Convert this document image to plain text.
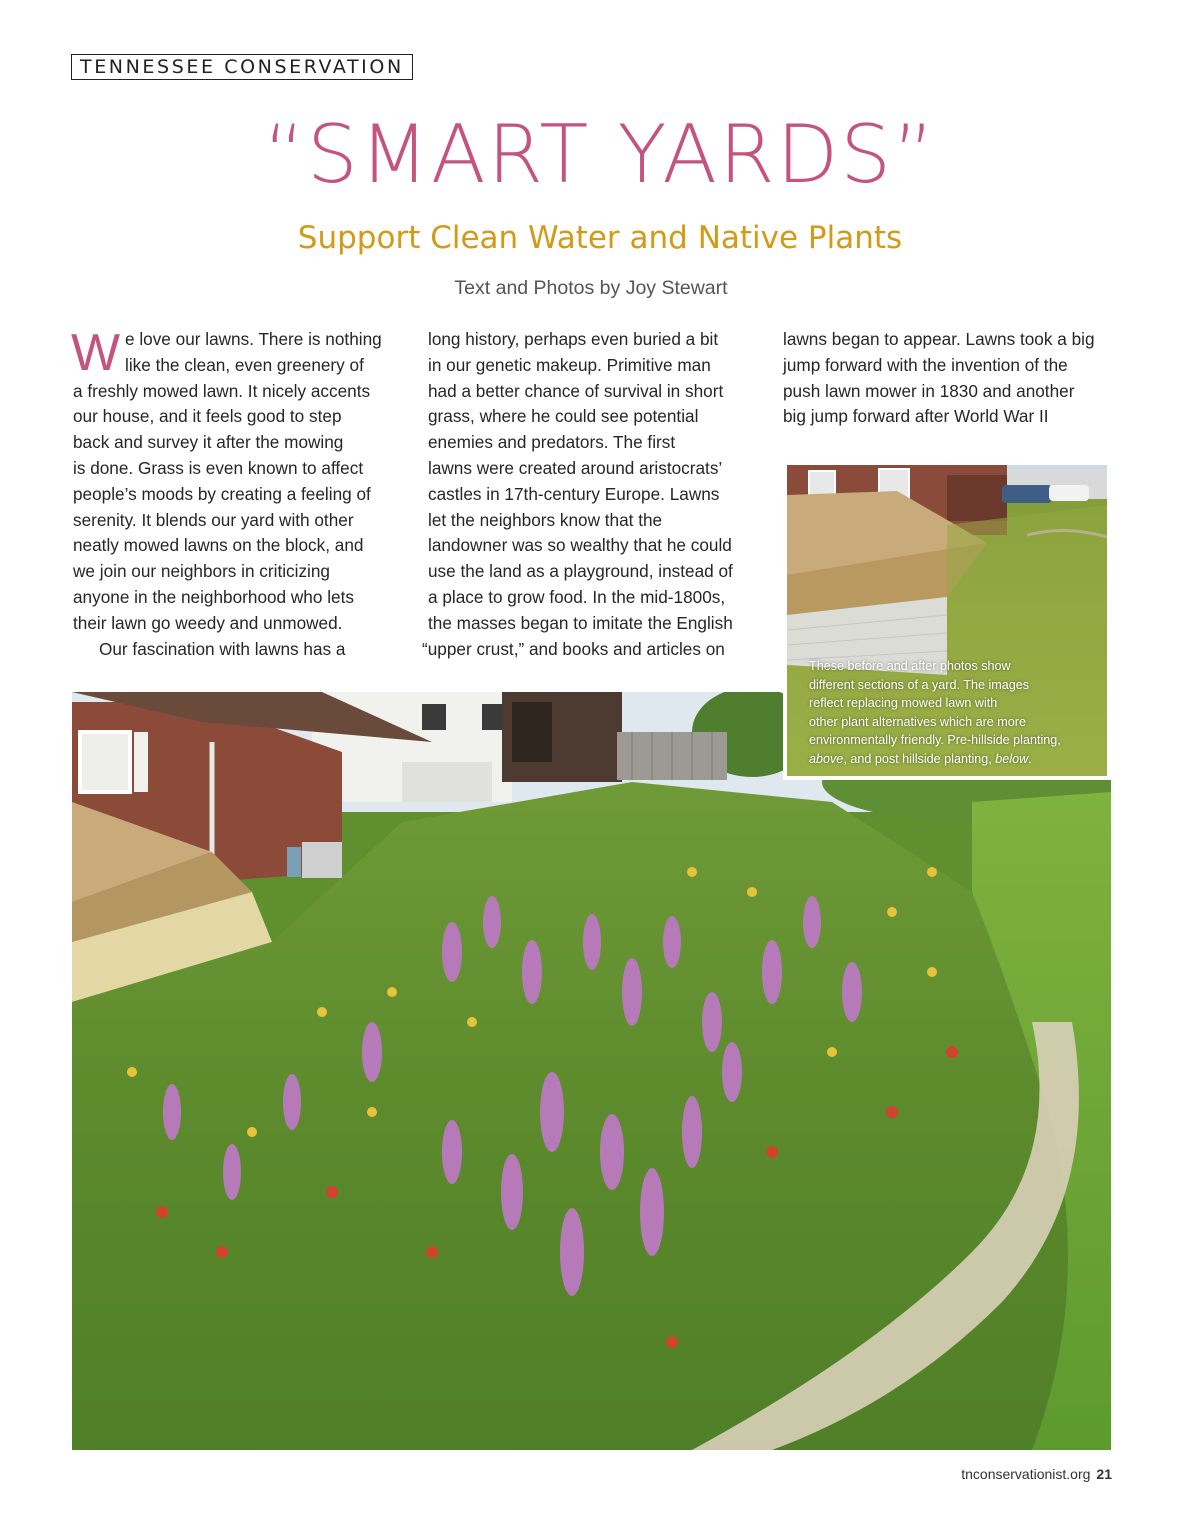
TENNESSEE CONSERVATION
“SMART YARDS”
Support Clean Water and Native Plants
Text and Photos by Joy Stewart
W e love our lawns. There is nothing
like the clean, even greenery of
a freshly mowed lawn. It nicely accents
our house, and it feels good to step
back and survey it after the mowing
is done. Grass is even known to affect
people’s moods by creating a feeling of
serenity. It blends our yard with other
neatly mowed lawns on the block, and
we join our neighbors in criticizing
anyone in the neighborhood who lets
their lawn go weedy and unmowed.
Our fascination with lawns has a
long history, perhaps even buried a bit
in our genetic makeup. Primitive man
had a better chance of survival in short
grass, where he could see potential
enemies and predators. The first
lawns were created around aristocrats’
castles in 17th-century Europe. Lawns
let the neighbors know that the
landowner was so wealthy that he could
use the land as a playground, instead of
a place to grow food. In the mid-1800s,
the masses began to imitate the English
“upper crust,” and books and articles on
lawns began to appear. Lawns took a big
jump forward with the invention of the
push lawn mower in 1830 and another
big jump forward after World War II
These before and after photos show
different sections of a yard. The images
reflect replacing mowed lawn with
other plant alternatives which are more
environmentally friendly. Pre-hillside planting,
above, and post hillside planting, below.
tnconservationist.org 21
